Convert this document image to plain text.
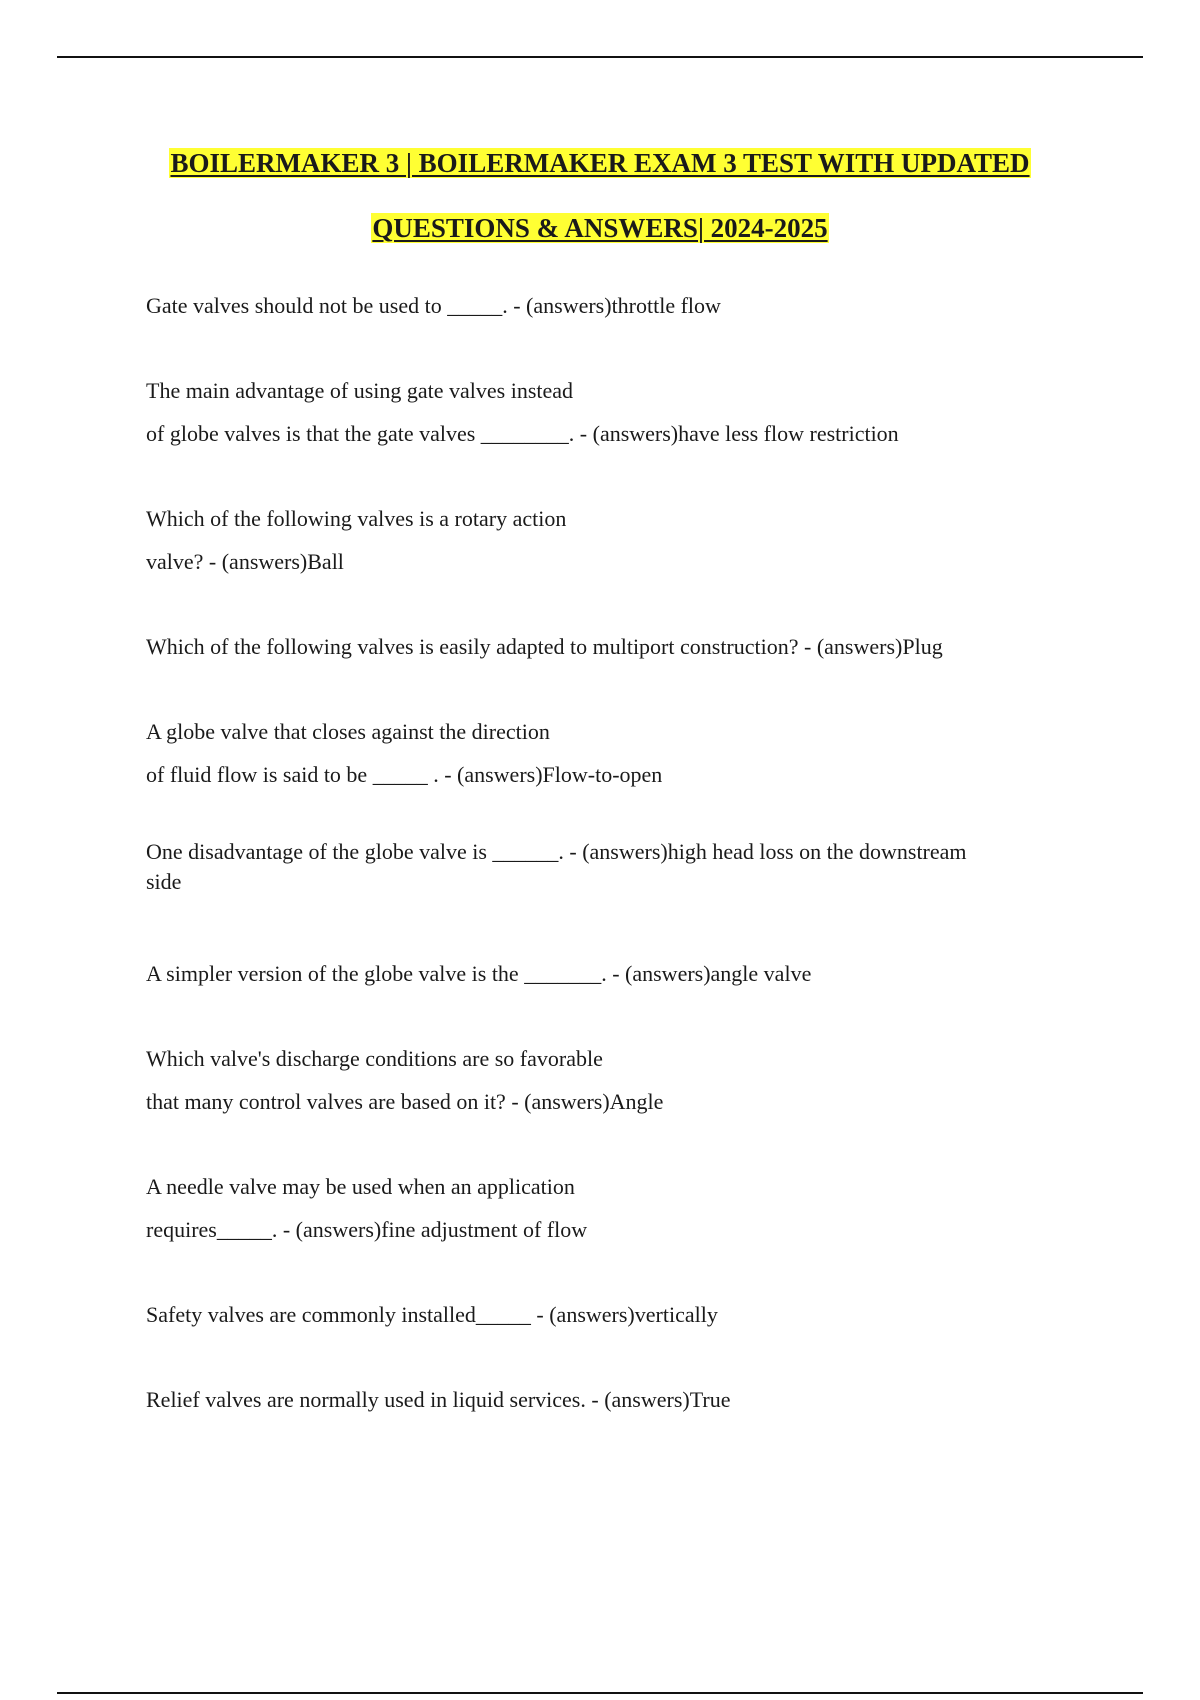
BOILERMAKER 3 | BOILERMAKER EXAM 3 TEST WITH UPDATED
QUESTIONS & ANSWERS| 2024-2025

Gate valves should not be used to _____. - (answers)throttle flow

The main advantage of using gate valves instead
of globe valves is that the gate valves ________. - (answers)have less flow restriction

Which of the following valves is a rotary action
valve? - (answers)Ball

Which of the following valves is easily adapted to multiport construction? - (answers)Plug

A globe valve that closes against the direction
of fluid flow is said to be _____ . - (answers)Flow-to-open

One disadvantage of the globe valve is ______. - (answers)high head loss on the downstream
side

A simpler version of the globe valve is the _______. - (answers)angle valve

Which valve's discharge conditions are so favorable
that many control valves are based on it? - (answers)Angle

A needle valve may be used when an application
requires_____. - (answers)fine adjustment of flow

Safety valves are commonly installed_____ - (answers)vertically

Relief valves are normally used in liquid services. - (answers)True
